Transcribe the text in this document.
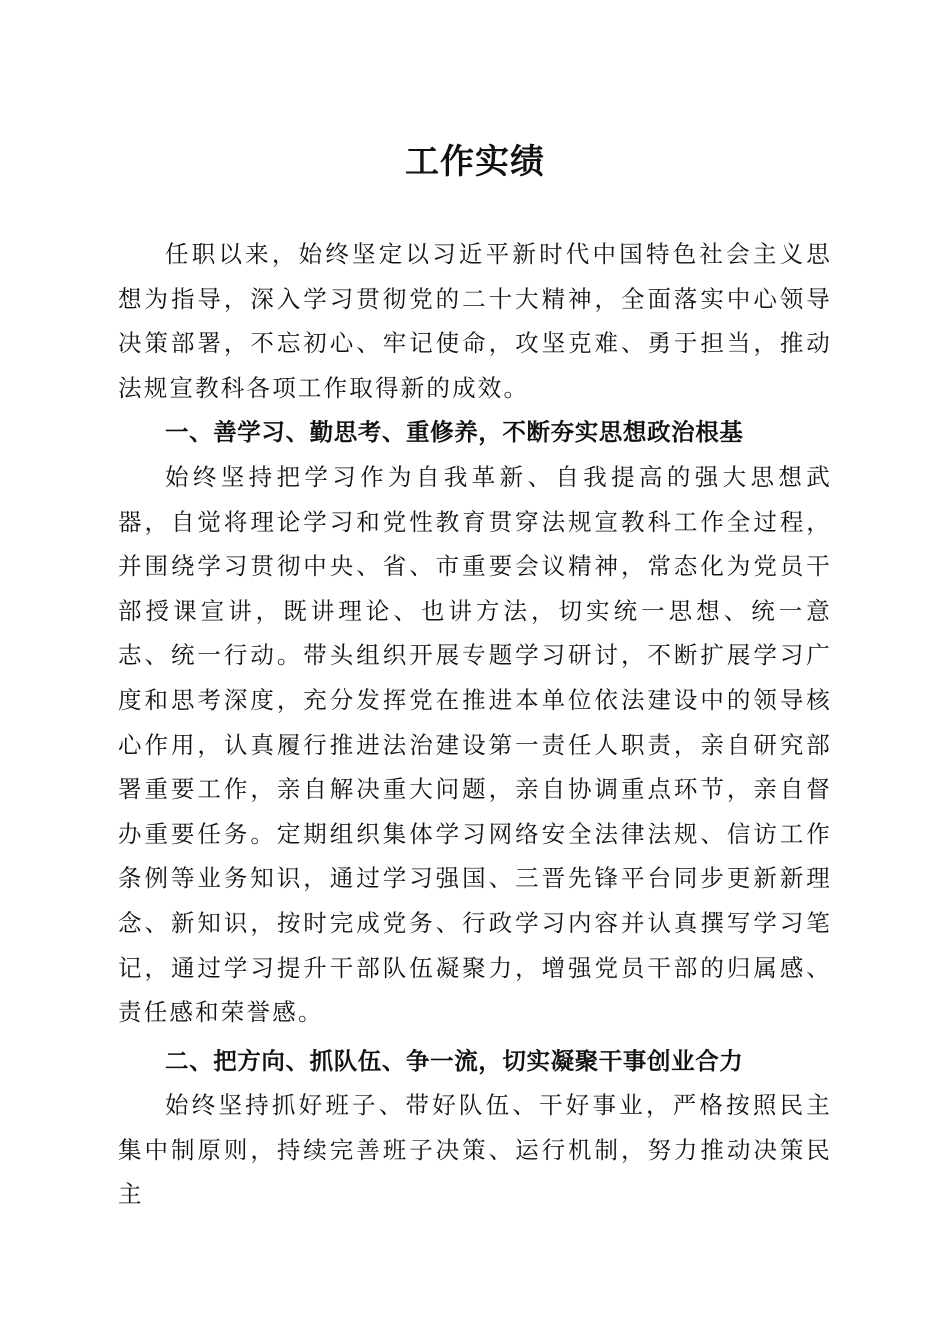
工作实绩

任职以来，始终坚定以习近平新时代中国特色社会主义思想为指导，深入学习贯彻党的二十大精神，全面落实中心领导决策部署，不忘初心、牢记使命，攻坚克难、勇于担当，推动法规宣教科各项工作取得新的成效。

一、善学习、勤思考、重修养，不断夯实思想政治根基

始终坚持把学习作为自我革新、自我提高的强大思想武器，自觉将理论学习和党性教育贯穿法规宣教科工作全过程，并围绕学习贯彻中央、省、市重要会议精神，常态化为党员干部授课宣讲，既讲理论、也讲方法，切实统一思想、统一意志、统一行动。带头组织开展专题学习研讨，不断扩展学习广度和思考深度，充分发挥党在推进本单位依法建设中的领导核心作用，认真履行推进法治建设第一责任人职责，亲自研究部署重要工作，亲自解决重大问题，亲自协调重点环节，亲自督办重要任务。定期组织集体学习网络安全法律法规、信访工作条例等业务知识，通过学习强国、三晋先锋平台同步更新新理念、新知识，按时完成党务、行政学习内容并认真撰写学习笔记，通过学习提升干部队伍凝聚力，增强党员干部的归属感、责任感和荣誉感。

二、把方向、抓队伍、争一流，切实凝聚干事创业合力

始终坚持抓好班子、带好队伍、干好事业，严格按照民主集中制原则，持续完善班子决策、运行机制，努力推动决策民主
